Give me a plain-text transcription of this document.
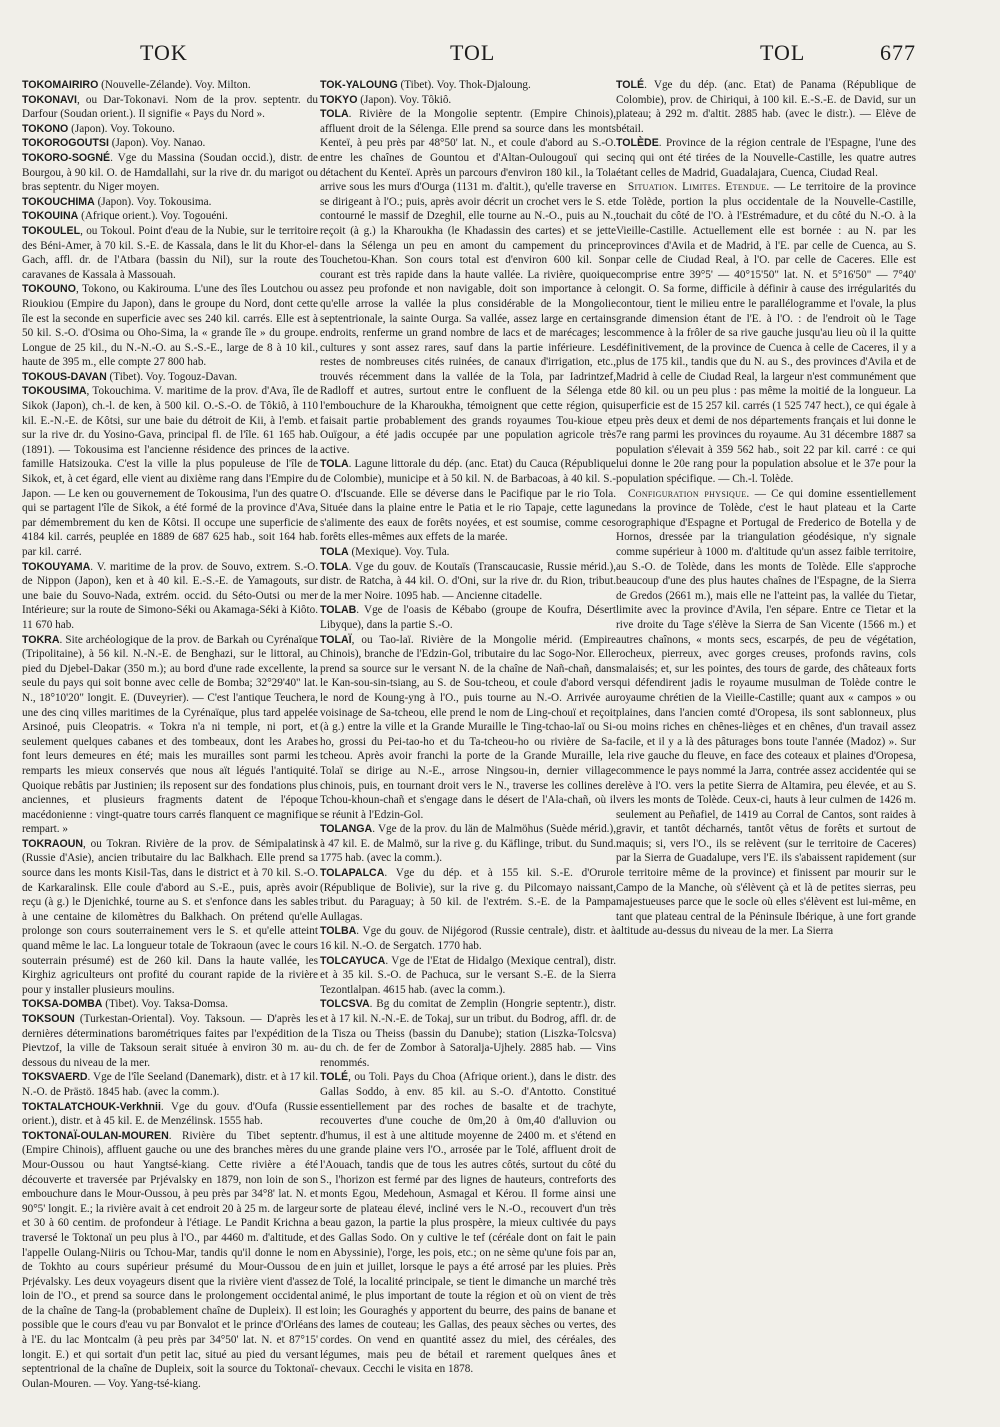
TOK	TOL	TOL	677

TOKOMAIRIRO (Nouvelle-Zélande). Voy. Milton.

TOKONAVI, ou Dar-Tokonavi. Nom de la prov. septentr. du Darfour (Soudan orient.). Il signifie « Pays du Nord ».

TOKONO (Japon). Voy. Tokouno.

TOKOROGOUTSI (Japon). Voy. Nanao.

TOKORO-SOGNÉ. Vge du Massina (Soudan occid.), distr. de Bourgou, à 90 kil. O. de Hamdallahi, sur la rive dr. du marigot ou bras septentr. du Niger moyen.

TOKOUCHIMA (Japon). Voy. Tokousima.

TOKOUINA (Afrique orient.). Voy. Togouéni.

TOKOULEL, ou Tokoul. Point d'eau de la Nubie, sur le territoire des Béni-Amer, à 70 kil. S.-E. de Kassala, dans le lit du Khor-el-Gach, affl. dr. de l'Atbara (bassin du Nil), sur la route des caravanes de Kassala à Massouah.

TOKOUNO, Tokono, ou Kakirouma. L'une des îles Loutchou ou Rioukiou (Empire du Japon), dans le groupe du Nord, dont cette île est la seconde en superficie avec ses 240 kil. carrés. Elle est à 50 kil. S.-O. d'Osima ou Oho-Sima, la « grande île » du groupe. Longue de 25 kil., du N.-N.-O. au S.-S.-E., large de 8 à 10 kil., haute de 395 m., elle compte 27 800 hab.

TOKOUS-DAVAN (Tibet). Voy. Togouz-Davan.

TOKOUSIMA, Tokouchima. V. maritime de la prov. d'Ava, île de Sikok (Japon), ch.-l. de ken, à 500 kil. O.-S.-O. de Tôkiô, à 110 kil. E.-N.-E. de Kôtsi, sur une baie du détroit de Kii, à l'emb. et sur la rive dr. du Yosino-Gava, principal fl. de l'île. 61 165 hab. (1891). — Tokousima est l'ancienne résidence des princes de la famille Hatsizouka. C'est la ville la plus populeuse de l'île de Sikok, et, à cet égard, elle vient au dixième rang dans l'Empire du Japon. — Le ken ou gouvernement de Tokousima, l'un des quatre qui se partagent l'île de Sikok, a été formé de la province d'Ava, par démembrement du ken de Kôtsi. Il occupe une superficie de 4184 kil. carrés, peuplée en 1889 de 687 625 hab., soit 164 hab. par kil. carré.

TOKOUYAMA. V. maritime de la prov. de Souvo, extrem. S.-O. de Nippon (Japon), ken et à 40 kil. E.-S.-E. de Yamagouts, sur une baie du Souvo-Nada, extrém. occid. du Séto-Outsi ou mer Intérieure; sur la route de Simono-Séki ou Akamaga-Séki à Kiôto. 11 670 hab.

TOKRA. Site archéologique de la prov. de Barkah ou Cyrénaïque (Tripolitaine), à 56 kil. N.-N.-E. de Benghazi, sur le littoral, au pied du Djebel-Dakar (350 m.); au bord d'une rade excellente, la seule du pays qui soit bonne avec celle de Bomba; 32°29'40" lat. N., 18°10'20" longit. E. (Duveyrier). — C'est l'antique Teuchera, une des cinq villes maritimes de la Cyrénaïque, plus tard appelée Arsinoé, puis Cleopatris. « Tokra n'a ni temple, ni port, et seulement quelques cabanes et des tombeaux, dont les Arabes font leurs demeures en été; mais les murailles sont parmi les remparts les mieux conservés que nous aït légués l'antiquité. Quoique rebâtis par Justinien; ils reposent sur des fondations plus anciennes, et plusieurs fragments datent de l'époque macédonienne : vingt-quatre tours carrés flanquent ce magnifique rempart. »

TOKRAOUN, ou Tokran. Rivière de la prov. de Sémipalatinsk (Russie d'Asie), ancien tributaire du lac Balkhach. Elle prend sa source dans les monts Kisil-Tas, dans le district et à 70 kil. S.-O. de Karkaralinsk. Elle coule d'abord au S.-E., puis, après avoir reçu (à g.) le Djenichké, tourne au S. et s'enfonce dans les sables à une centaine de kilomètres du Balkhach. On prétend qu'elle prolonge son cours souterrainement vers le S. et qu'elle atteint quand même le lac. La longueur totale de Tokraoun (avec le cours souterrain présumé) est de 260 kil. Dans la haute vallée, les Kirghiz agriculteurs ont profité du courant rapide de la rivière pour y installer plusieurs moulins.

TOKSA-DOMBA (Tibet). Voy. Taksa-Domsa.

TOKSOUN (Turkestan-Oriental). Voy. Taksoun. — D'après les dernières déterminations barométriques faites par l'expédition de Pievtzof, la ville de Taksoun serait située à environ 30 m. au-dessous du niveau de la mer.

TOKSVAERD. Vge de l'île Seeland (Danemark), distr. et à 17 kil. N.-O. de Prästö. 1845 hab. (avec la comm.).

TOKTALATCHOUK-Verkhnii. Vge du gouv. d'Oufa (Russie orient.), distr. et à 45 kil. E. de Menzélinsk. 1555 hab.

TOKTONAÏ-OULAN-MOUREN. Rivière du Tibet septentr. (Empire Chinois), affluent gauche ou une des branches mères du Mour-Oussou ou haut Yangtsé-kiang. Cette rivière a été découverte et traversée par Prjévalsky en 1879, non loin de son embouchure dans le Mour-Oussou, à peu près par 34°8' lat. N. et 90°5' longit. E.; la rivière avait à cet endroit 20 à 25 m. de largeur et 30 à 60 centim. de profondeur à l'étiage. Le Pandit Krichna a traversé le Toktonaï un peu plus à l'O., par 4460 m. d'altitude, et l'appelle Oulang-Niiris ou Tchou-Mar, tandis qu'il donne le nom de Tokhto au cours supérieur présumé du Mour-Oussou de Prjévalsky. Les deux voyageurs disent que la rivière vient d'assez loin de l'O., et prend sa source dans le prolongement occidental de la chaîne de Tang-la (probablement chaîne de Dupleix). Il est possible que le cours d'eau vu par Bonvalot et le prince d'Orléans à l'E. du lac Montcalm (à peu près par 34°50' lat. N. et 87°15' longit. E.) et qui sortait d'un petit lac, situé au pied du versant septentrional de la chaîne de Dupleix, soit la source du Toktonaï-Oulan-Mouren. — Voy. Yang-tsé-kiang.

TOK-YALOUNG (Tibet). Voy. Thok-Djaloung.

TOKYO (Japon). Voy. Tôkiô.

TOLA. Rivière de la Mongolie septentr. (Empire Chinois), affluent droit de la Sélenga. Elle prend sa source dans les monts Kenteï, à peu près par 48°50' lat. N., et coule d'abord au S.-O. entre les chaînes de Gountou et d'Altan-Oulougouï qui se détachent du Kenteï. Après un parcours d'environ 180 kil., la Tola arrive sous les murs d'Ourga (1131 m. d'altit.), qu'elle traverse en se dirigeant à l'O.; puis, après avoir décrit un crochet vers le S. et contourné le massif de Dzeghil, elle tourne au N.-O., puis au N., reçoit (à g.) la Kharoukha (le Khadassin des cartes) et se jette dans la Sélenga un peu en amont du campement du prince Touchetou-Khan. Son cours total est d'environ 600 kil. Son courant est très rapide dans la haute vallée. La rivière, quoique assez peu profonde et non navigable, doit son importance à ce qu'elle arrose la vallée la plus considérable de la Mongolie septentrionale, la sainte Ourga. Sa vallée, assez large en certains endroits, renferme un grand nombre de lacs et de marécages; les cultures y sont assez rares, sauf dans la partie inférieure. Les restes de nombreuses cités ruinées, de canaux d'irrigation, etc., trouvés récemment dans la vallée de la Tola, par Iadrintzef, Radloff et autres, surtout entre le confluent de la Sélenga et l'embouchure de la Kharoukha, témoignent que cette région, qui faisait partie probablement des grands royaumes Tou-kioue et Ouïgour, a été jadis occupée par une population agricole très active.

TOLA. Lagune littorale du dép. (anc. Etat) du Cauca (République de Colombie), municipe et à 50 kil. N. de Barbacoas, à 40 kil. S.-O. d'Iscuande. Elle se déverse dans le Pacifique par le rio Tola. Située dans la plaine entre le Patia et le rio Tapaje, cette lagune s'alimente des eaux de forêts noyées, et est soumise, comme ces forêts elles-mêmes aux effets de la marée.

TOLA (Mexique). Voy. Tula.

TOLA. Vge du gouv. de Koutaïs (Transcaucasie, Russie mérid.), distr. de Ratcha, à 44 kil. O. d'Oni, sur la rive dr. du Rion, tribut. de la mer Noire. 1095 hab. — Ancienne citadelle.

TOLAB. Vge de l'oasis de Kébabo (groupe de Koufra, Désert Libyque), dans la partie S.-O.

TOLAÏ, ou Tao-laï. Rivière de la Mongolie mérid. (Empire Chinois), branche de l'Edzin-Gol, tributaire du lac Sogo-Nor. Elle prend sa source sur le versant N. de la chaîne de Nañ-chañ, dans le Kan-sou-sin-tsiang, au S. de Sou-tcheou, et coule d'abord vers le nord de Koung-yng à l'O., puis tourne au N.-O. Arrivée au voisinage de Sa-tcheou, elle prend le nom de Ling-chouï et reçoit (à g.) entre la ville et la Grande Muraille le Ting-tchao-laï ou Si-ho, grossi du Pei-tao-ho et du Ta-tcheou-ho ou rivière de Sa-tcheou. Après avoir franchi la porte de la Grande Muraille, le Tolaï se dirige au N.-E., arrose Ningsou-in, dernier village chinois, puis, en tournant droit vers le N., traverse les collines de Tchou-khoun-chañ et s'engage dans le désert de l'Ala-chañ, où il se réunit à l'Edzin-Gol.

TOLANGA. Vge de la prov. du län de Malmöhus (Suède mérid.), à 47 kil. E. de Malmö, sur la rive g. du Käflinge, tribut. du Sund. 1775 hab. (avec la comm.).

TOLAPALCA. Vge du dép. et à 155 kil. S.-E. d'Oruro (République de Bolivie), sur la rive g. du Pilcomayo naissant, tribut. du Paraguay; à 50 kil. de l'extrém. S.-E. de la Pampa Aullagas.

TOLBA. Vge du gouv. de Nijégorod (Russie centrale), distr. et à 16 kil. N.-O. de Sergatch. 1770 hab.

TOLCAYUCA. Vge de l'Etat de Hidalgo (Mexique central), distr. et à 35 kil. S.-O. de Pachuca, sur le versant S.-E. de la Sierra Tezontlalpan. 4615 hab. (avec la comm.).

TOLCSVA. Bg du comitat de Zemplin (Hongrie septentr.), distr. et à 17 kil. N.-N.-E. de Tokaj, sur un tribut. du Bodrog, affl. dr. de la Tisza ou Theiss (bassin du Danube); station (Liszka-Tolcsva) du ch. de fer de Zombor à Satoralja-Ujhely. 2885 hab. — Vins renommés.

TOLÉ, ou Toli. Pays du Choa (Afrique orient.), dans le distr. des Gallas Soddo, à env. 85 kil. au S.-O. d'Antotto. Constitué essentiellement par des roches de basalte et de trachyte, recouvertes d'une couche de 0m,20 à 0m,40 d'alluvion ou d'humus, il est à une altitude moyenne de 2400 m. et s'étend en une grande plaine vers l'O., arrosée par le Tolé, affluent droit de l'Aouach, tandis que de tous les autres côtés, surtout du côté du S., l'horizon est fermé par des lignes de hauteurs, contreforts des monts Egou, Medehoun, Asmagal et Kérou. Il forme ainsi une sorte de plateau élevé, incliné vers le N.-O., recouvert d'un très beau gazon, la partie la plus prospère, la mieux cultivée du pays des Gallas Sodo. On y cultive le tef (céréale dont on fait le pain en Abyssinie), l'orge, les pois, etc.; on ne sème qu'une fois par an, en juin et juillet, lorsque le pays a été arrosé par les pluies. Près de Tolé, la localité principale, se tient le dimanche un marché très animé, le plus important de toute la région et où on vient de très loin; les Gouraghés y apportent du beurre, des pains de banane et des lames de couteau; les Gallas, des peaux sèches ou vertes, des cordes. On vend en quantité assez du miel, des céréales, des légumes, mais peu de bétail et rarement quelques ânes et chevaux. Cecchi le visita en 1878.

TOLÉ. Vge du dép. (anc. Etat) de Panama (République de Colombie), prov. de Chiriqui, à 100 kil. E.-S.-E. de David, sur un plateau; à 292 m. d'altit. 2885 hab. (avec le distr.). — Elève de bétail.

TOLÈDE. Province de la région centrale de l'Espagne, l'une des cinq qui ont été tirées de la Nouvelle-Castille, les quatre autres étant celles de Madrid, Guadalajara, Cuenca, Ciudad Real.

Situation. Limites. Etendue. — Le territoire de la province de Tolède, portion la plus occidentale de la Nouvelle-Castille, touchait du côté de l'O. à l'Estrémadure, et du côté du N.-O. à la Vieille-Castille. Actuellement elle est bornée : au N. par les provinces d'Avila et de Madrid, à l'E. par celle de Cuenca, au S. par celle de Ciudad Real, à l'O. par celle de Caceres. Elle est comprise entre 39°5' — 40°15'50" lat. N. et 5°16'50" — 7°40' longit. O. Sa forme, difficile à définir à cause des irrégularités du contour, tient le milieu entre le parallélogramme et l'ovale, la plus grande dimension étant de l'E. à l'O. : de l'endroit où le Tage commence à la frôler de sa rive gauche jusqu'au lieu où il la quitte définitivement, de la province de Cuenca à celle de Caceres, il y a plus de 175 kil., tandis que du N. au S., des provinces d'Avila et de Madrid à celle de Ciudad Real, la largeur n'est communément que de 80 kil. ou un peu plus : pas même la moitié de la longueur. La superficie est de 15 257 kil. carrés (1 525 747 hect.), ce qui égale à peu près deux et demi de nos départements français et lui donne le 7e rang parmi les provinces du royaume. Au 31 décembre 1887 sa population s'élevait à 359 562 hab., soit 22 par kil. carré : ce qui lui donne le 20e rang pour la population absolue et le 37e pour la population spécifique. — Ch.-l. Tolède.

Configuration physique. — Ce qui domine essentiellement dans la province de Tolède, c'est le haut plateau et la Carte orographique d'Espagne et Portugal de Frederico de Botella y de Hornos, dressée par la triangulation géodésique, n'y signale comme supérieur à 1000 m. d'altitude qu'un assez faible territoire, au S.-O. de Tolède, dans les monts de Tolède. Elle s'approche beaucoup d'une des plus hautes chaînes de l'Espagne, de la Sierra de Gredos (2661 m.), mais elle ne l'atteint pas, la vallée du Tietar, limite avec la province d'Avila, l'en sépare. Entre ce Tietar et la rive droite du Tage s'élève la Sierra de San Vicente (1566 m.) et autres chaînons, « monts secs, escarpés, de peu de végétation, rocheux, pierreux, avec gorges creuses, profonds ravins, cols malaisés; et, sur les pointes, des tours de garde, des châteaux forts qui défendirent jadis le royaume musulman de Tolède contre le royaume chrétien de la Vieille-Castille; quant aux « campos » ou plaines, dans l'ancien comté d'Oropesa, ils sont sablonneux, plus ou moins riches en chênes-lièges et en chênes, d'un travail assez facile, et il y a là des pâturages bons toute l'année (Madoz) ». Sur la rive gauche du fleuve, en face des coteaux et plaines d'Oropesa, commence le pays nommé la Jarra, contrée assez accidentée qui se relève à l'O. vers la petite Sierra de Altamira, peu élevée, et au S. vers les monts de Tolède. Ceux-ci, hauts à leur culmen de 1426 m. seulement au Peñafiel, de 1419 au Corral de Cantos, sont raides à gravir, et tantôt décharnés, tantôt vêtus de forêts et surtout de maquis; si, vers l'O., ils se relèvent (sur le territoire de Caceres) par la Sierra de Guadalupe, vers l'E. ils s'abaissent rapidement (sur le territoire même de la province) et finissent par mourir sur le Campo de la Manche, où s'élèvent çà et là de petites sierras, peu majestueuses parce que le socle où elles s'élèvent est lui-même, en tant que plateau central de la Péninsule Ibérique, à une fort grande altitude au-dessus du niveau de la mer. La Sierra
